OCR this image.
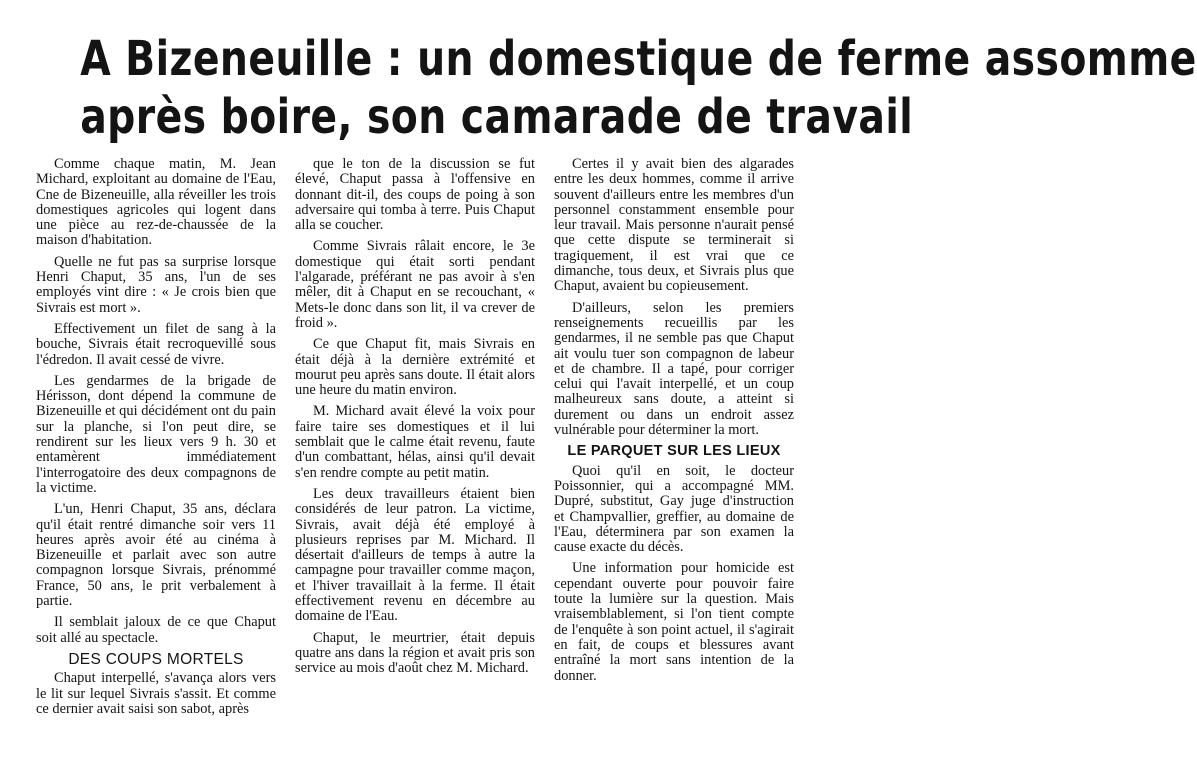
A Bizeneuille : un domestique de ferme assomme
après boire, son camarade de travail

Comme chaque matin, M. Jean Michard, exploitant au domaine de l'Eau, Cne de Bizeneuille, alla réveiller les trois domestiques agricoles qui logent dans une pièce au rez-de-chaussée de la maison d'habitation.

Quelle ne fut pas sa surprise lorsque Henri Chaput, 35 ans, l'un de ses employés vint dire : « Je crois bien que Sivrais est mort ».

Effectivement un filet de sang à la bouche, Sivrais était recroquevillé sous l'édredon. Il avait cessé de vivre.

Les gendarmes de la brigade de Hérisson, dont dépend la commune de Bizeneuille et qui décidément ont du pain sur la planche, si l'on peut dire, se rendirent sur les lieux vers 9 h. 30 et entamèrent immédiatement l'interrogatoire des deux compagnons de la victime.

L'un, Henri Chaput, 35 ans, déclara qu'il était rentré dimanche soir vers 11 heures après avoir été au cinéma à Bizeneuille et parlait avec son autre compagnon lorsque Sivrais, prénommé France, 50 ans, le prit verbalement à partie.

Il semblait jaloux de ce que Chaput soit allé au spectacle.

DES COUPS MORTELS

Chaput interpellé, s'avança alors vers le lit sur lequel Sivrais s'assit. Et comme ce dernier avait saisi son sabot, après

que le ton de la discussion se fut élevé, Chaput passa à l'offensive en donnant dit-il, des coups de poing à son adversaire qui tomba à terre. Puis Chaput alla se coucher.

Comme Sivrais râlait encore, le 3e domestique qui était sorti pendant l'algarade, préférant ne pas avoir à s'en mêler, dit à Chaput en se recouchant, « Mets-le donc dans son lit, il va crever de froid ».

Ce que Chaput fit, mais Sivrais en était déjà à la dernière extrémité et mourut peu après sans doute. Il était alors une heure du matin environ.

M. Michard avait élevé la voix pour faire taire ses domestiques et il lui semblait que le calme était revenu, faute d'un combattant, hélas, ainsi qu'il devait s'en rendre compte au petit matin.

Les deux travailleurs étaient bien considérés de leur patron. La victime, Sivrais, avait déjà été employé à plusieurs reprises par M. Michard. Il désertait d'ailleurs de temps à autre la campagne pour travailler comme maçon, et l'hiver travaillait à la ferme. Il était effectivement revenu en décembre au domaine de l'Eau.

Chaput, le meurtrier, était depuis quatre ans dans la région et avait pris son service au mois d'août chez M. Michard.

Certes il y avait bien des algarades entre les deux hommes, comme il arrive souvent d'ailleurs entre les membres d'un personnel constamment ensemble pour leur travail. Mais personne n'aurait pensé que cette dispute se terminerait si tragiquement, il est vrai que ce dimanche, tous deux, et Sivrais plus que Chaput, avaient bu copieusement.

D'ailleurs, selon les premiers renseignements recueillis par les gendarmes, il ne semble pas que Chaput ait voulu tuer son compagnon de labeur et de chambre. Il a tapé, pour corriger celui qui l'avait interpellé, et un coup malheureux sans doute, a atteint si durement ou dans un endroit assez vulnérable pour déterminer la mort.

LE PARQUET SUR LES LIEUX

Quoi qu'il en soit, le docteur Poissonnier, qui a accompagné MM. Dupré, substitut, Gay juge d'instruction et Champvallier, greffier, au domaine de l'Eau, déterminera par son examen la cause exacte du décès.

Une information pour homicide est cependant ouverte pour pouvoir faire toute la lumière sur la question. Mais vraisemblablement, si l'on tient compte de l'enquête à son point actuel, il s'agirait en fait, de coups et blessures avant entraîné la mort sans intention de la donner.
